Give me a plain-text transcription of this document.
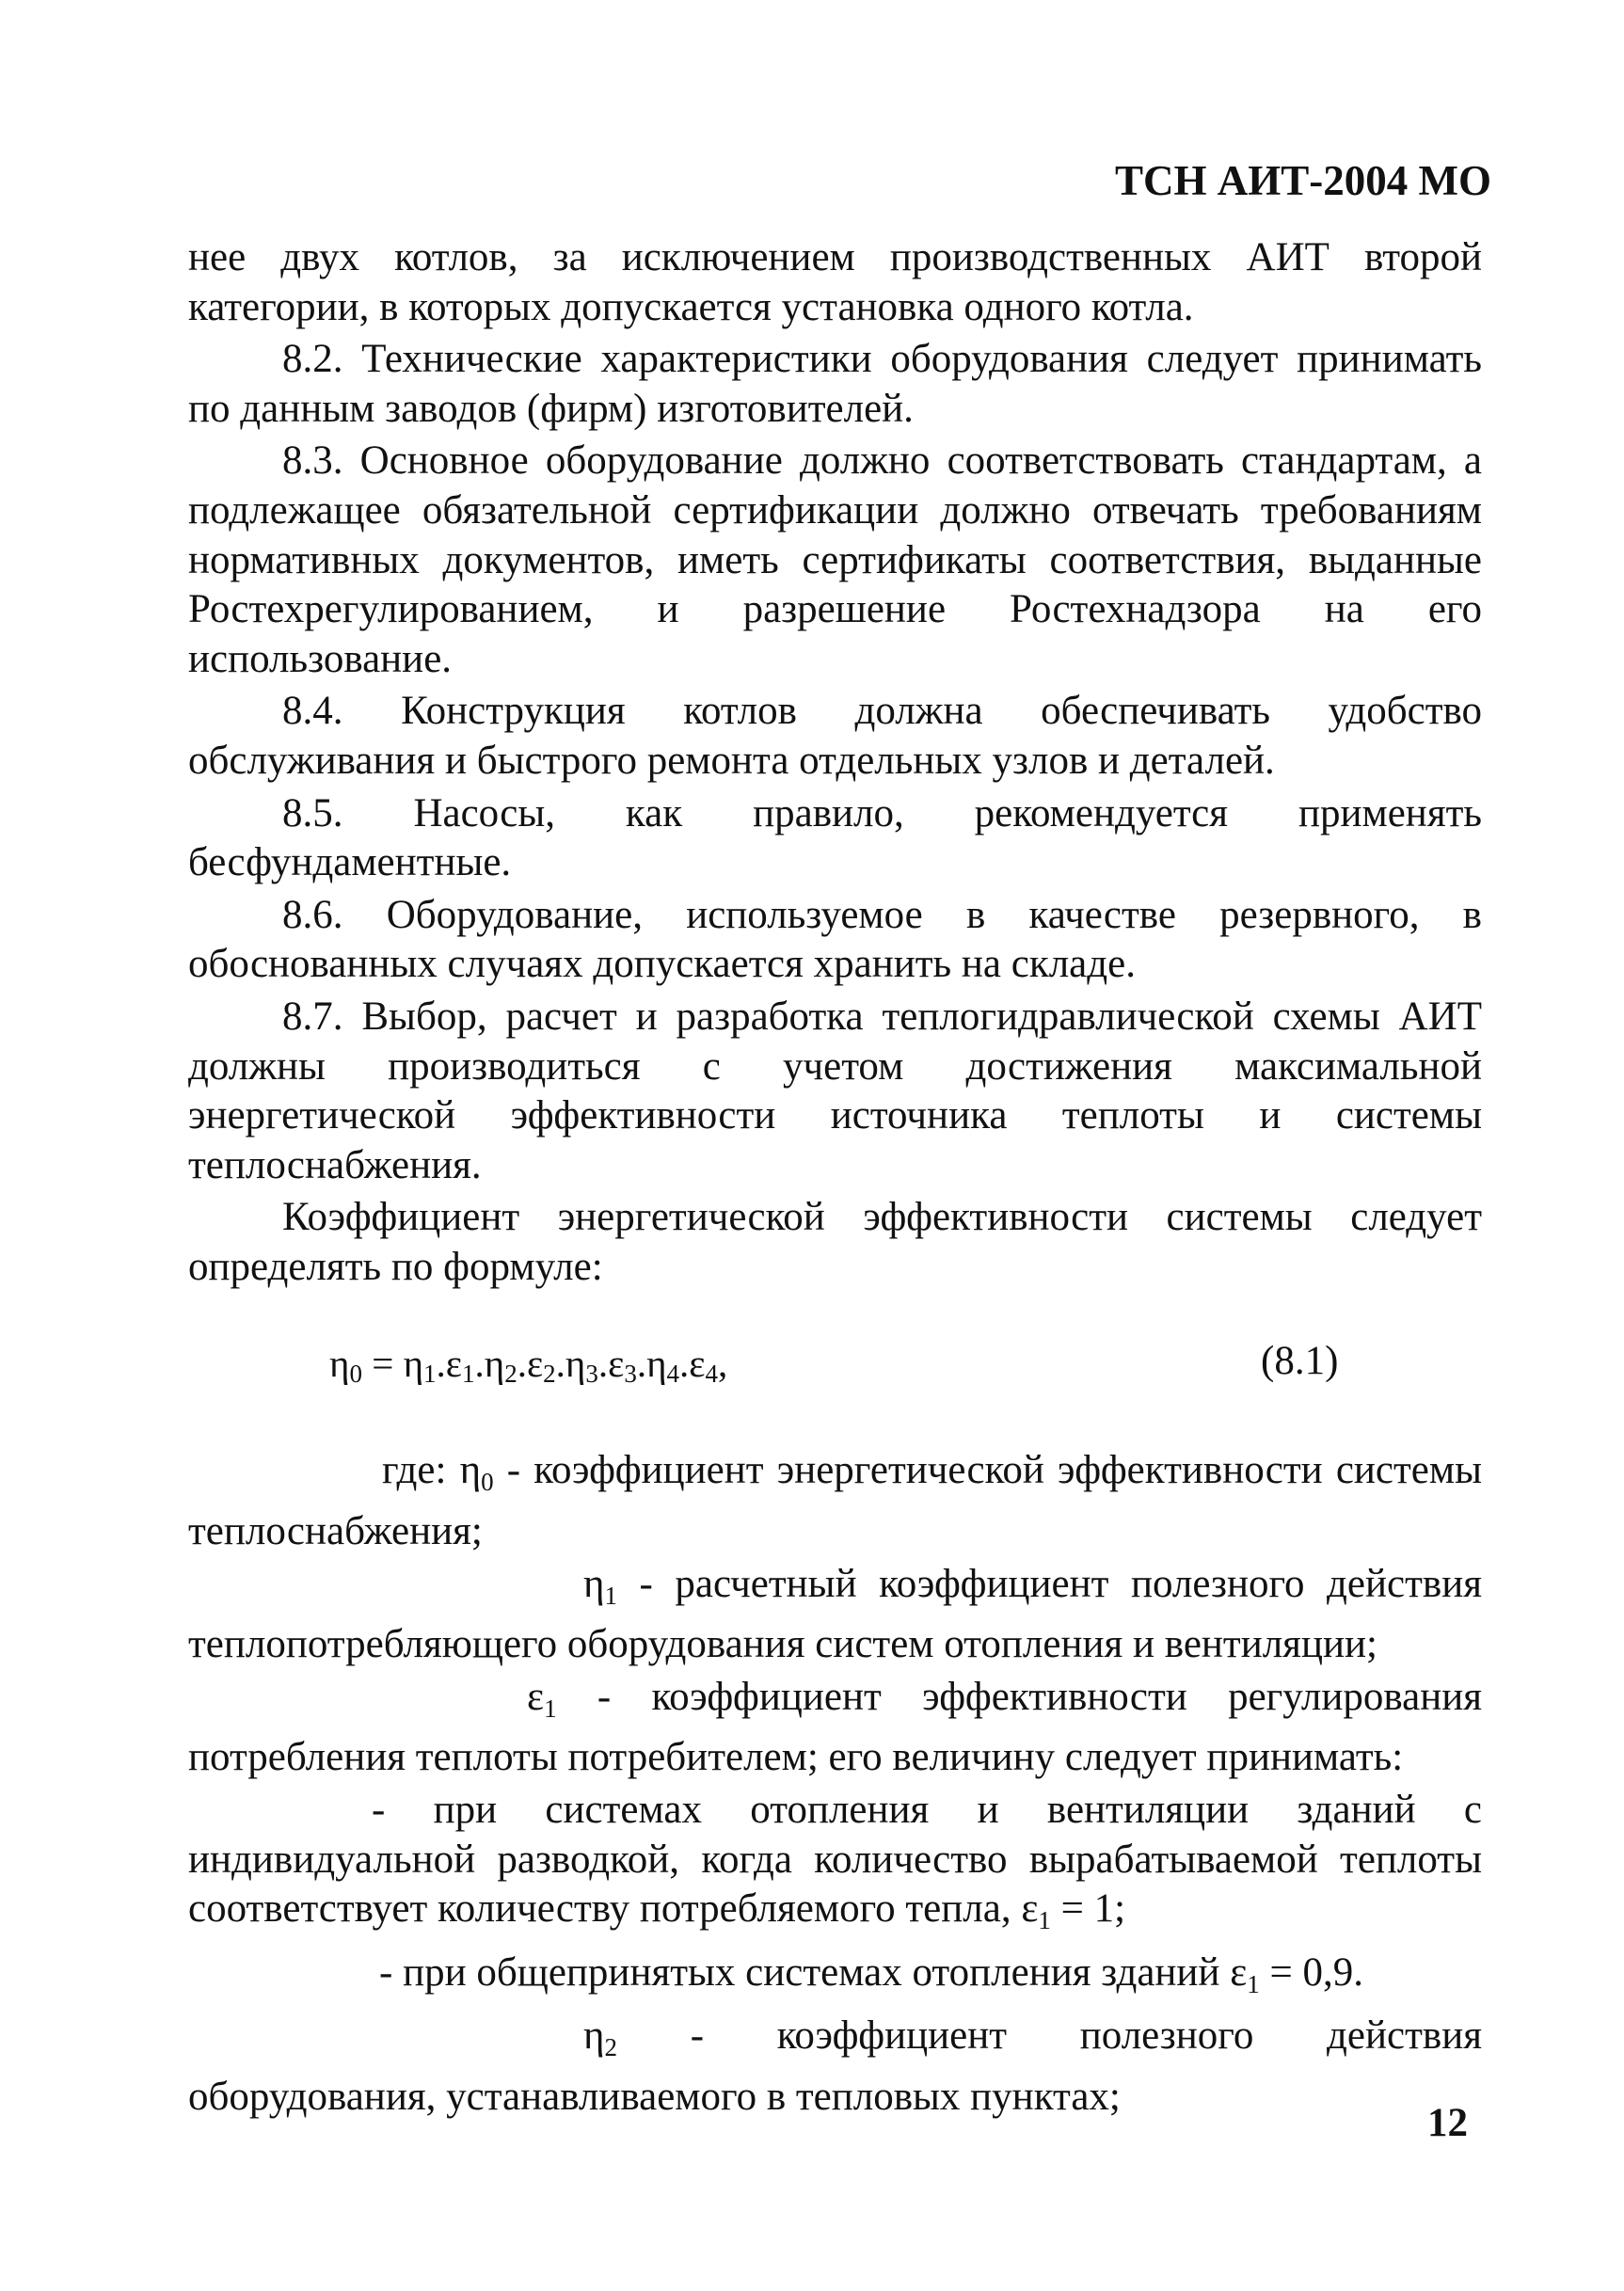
ТСН АИТ-2004 МО

нее двух котлов, за исключением производственных АИТ второй категории, в которых допускается установка одного котла.

8.2. Технические характеристики оборудования следует принимать по данным заводов (фирм) изготовителей.

8.3. Основное оборудование должно соответствовать стандартам, а подлежащее обязательной сертификации должно отвечать требованиям нормативных документов, иметь сертификаты соответствия, выданные Ростехрегулированием, и разрешение Ростехнадзора на его использование.

8.4. Конструкция котлов должна обеспечивать удобство обслуживания и быстрого ремонта отдельных узлов и деталей.

8.5. Насосы, как правило, рекомендуется применять бесфундаментные.

8.6. Оборудование, используемое в качестве резервного, в обоснованных случаях допускается хранить на складе.

8.7. Выбор, расчет и разработка теплогидравлической схемы АИТ должны производиться с учетом достижения максимальной энергетической эффективности источника теплоты и системы теплоснабжения.

Коэффициент энергетической эффективности системы следует определять по формуле:

$\eta_0 = \eta_1.\varepsilon_1.\eta_2.\varepsilon_2.\eta_3.\varepsilon_3.\eta_4.\varepsilon_4$,	(8.1)

где: $\eta_0$ - коэффициент энергетической эффективности системы теплоснабжения;

$\eta_1$ - расчетный коэффициент полезного действия теплопотребляющего оборудования систем отопления и вентиляции;

$\varepsilon_1$ - коэффициент эффективности регулирования потребления теплоты потребителем; его величину следует принимать:

- при системах отопления и вентиляции зданий с индивидуальной разводкой, когда количество вырабатываемой теплоты соответствует количеству потребляемого тепла, $\varepsilon_1 = 1$;

- при общепринятых системах отопления зданий $\varepsilon_1 = 0,9$.

$\eta_2$ - коэффициент полезного действия оборудования, устанавливаемого в тепловых пунктах;

12
